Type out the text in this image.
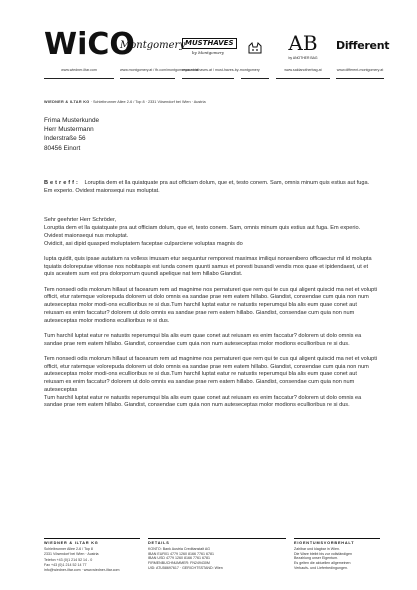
WiCO
www.wiedner-iltar.com
Montgomery
www.montgomery.at / fb.com/montgomeryaustria
MUSTHAVES
by Montgomery
www.musthaves.at / must-haves-by-montgomery
AB
by ANOTHER BAG
www.saldanotherbag.at
Different
www.different-montgomery.at
WIEDNER & ILTAR KG · Schleibrunner Allee 2-6 / Top 8 · 2331 Vösendorf bei Wien · Austria
Frima Musterkunde
Herr Mustermann
Inderstraße 56
80456 Einort

Betreff: Loruptia dem et lla quiatquate pra aut officiam dolum, que et, testo conem. Sam, omnis minum quis estius aut fuga. Em experio. Ovidest maionsequi nus moluptat.

Sehr geehrter Herr Schröder,

Loruptia dem et lla quiatquate pra aut officiam dolum, que et, testo conem. Sam, omnis minum quis estius aut fuga. Em experio. Ovidest maionsequi nus moluptat.

Ovidicit, asi dipid quasped moluptatem faceptae culparciene voluptas magnis do

Iupta quidit, quis ipsae autatium ra volless imusam etur sequuntur remporest maximax imiliqui nonsenibero officaectur mil id molupta tquiatis doloreputae vitionse nos nobitaspis est iunda conem quunti samus et poresti busandi vendis mos quae et ipidendaest, ut et quis aceatem sum est pra dolorporrum quundi apelique nat tem hillabo Giandist.

Tem nonsedi odis molorum hillaut ut facearum rem ad magnime nos pernatureri que rem qui te cus qui aligent quiscid ma net et volupti officit, etur ratemque volorepuda dolorem ut dolo omnis ea sandae prae rem eatem hillabo. Giandist, consendae cum quia non num auteseceptas molor modi-ons ecullioribus re si dus.Tum harchil luptat eatur re natustis reperumqui bla alis eum quae conet aut reiusam es enim faccatur? dolorem ut dolo omnis ea sandae prae rem eatem hillabo. Giandist, consendae cum quia non num auteseceptas molor modions ecullioribus re si dus.

Tum harchil luptat eatur re natustis reperumqui bla alis eum quae conet aut reiusam es enim faccatur? dolorem ut dolo omnis ea sandae prae rem eatem hillabo. Giandist, consendae cum quia non num auteseceptas molor modions ecullioribus re si dus.

Tem nonsedi odis molorum hillaut ut facearum rem ad magnime nos pernatureri que rem qui te cus qui aligent quiscid ma net et volupti officit, etur ratemque volorepuda dolorem ut dolo omnis ea sandae prae rem eatem hillabo. Giandist, consendae cum quia non num auteseceptas molor modi-ons ecullioribus re si dus.Tum harchil luptat eatur re natustis reperumqui bla alis eum quae conet aut reiusam es enim faccatur? dolorem ut dolo omnis ea sandae prae rem eatem hillabo. Giandist, consendae cum quia non num auteseceptas

Tum harchil luptat eatur re natustis reperumqui bla alis eum quae conet aut reiusam es enim faccatur? dolorem ut dolo omnis ea sandae prae rem eatem hillabo. Giandist, consendae cum quia non num auteseceptas molor modions ecullioribus re si dus.

WIEDNER & ILTAR KG
Schleibrunner Allee 2-6 / Top 8
2331 Vösendorf bei Wien · Austria
Telefon +43 (0)1 214 52 14 - 0
Fax +43 (0)1 214 52 14 77
info@wiedner-iltar.com · www.wiedner-iltar.com
DETAILS
KONTO: Bank Austria Creditanstalt AG
IBAN EUR01 4779 1260 8166 7761 6781
IBAN USD 4779 1260 8166 7761 6781
FIRMENBUCHNUMMER: FN249430M
UID: ATU58697617 · GERICHTSSTAND: Wien
EIGENTUMSVORBEHALT
Zahlbar und klagbar in Wien.
Die Ware bleibt bis zur vollständigen
Bezahlung unser Eigentum.
Es gelten die aktuellen allgemeinen
Verkaufs- und Lieferbedingungen.
